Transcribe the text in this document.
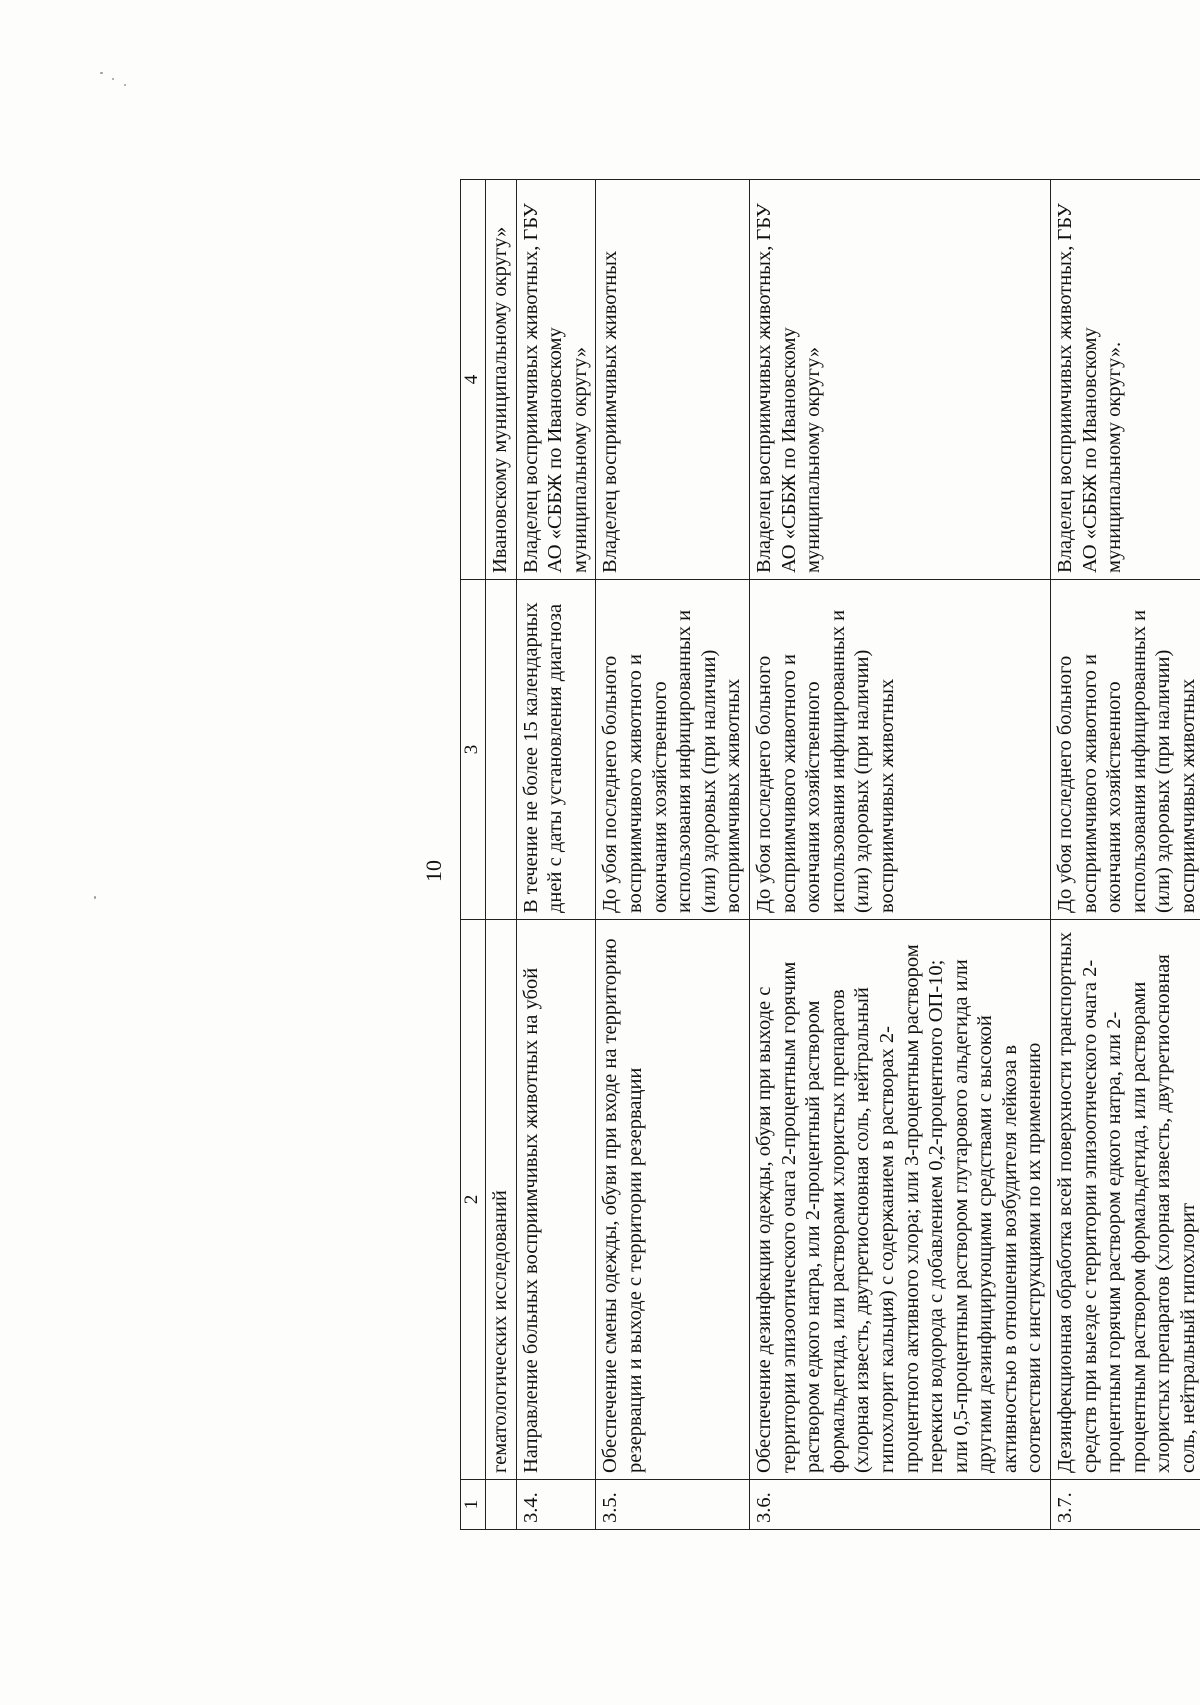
10
1	2	3	4
	гематологических исследований		Ивановскому муниципальному округу»
3.4.	Направление больных восприимчивых животных на убой	В течение не более 15 календарных дней с даты установления диагноза	Владелец восприимчивых животных, ГБУ АО «СББЖ по Ивановскому муниципальному округу»
3.5.	Обеспечение смены одежды, обуви при входе на территорию резервации и выходе с территории резервации	До убоя последнего больного восприимчивого животного и окончания хозяйственного использования инфицированных и (или) здоровых (при наличии) восприимчивых животных	Владелец восприимчивых животных
3.6.	Обеспечение дезинфекции одежды, обуви при выходе с территории эпизоотического очага 2-процентным горячим раствором едкого натра, или 2-процентный раствором формальдегида, или растворами хлористых препаратов (хлорная известь, двутретиосновная соль, нейтральный гипохлорит кальция) с содержанием в растворах 2-процентного активного хлора; или 3-процентным раствором перекиси водорода с добавлением 0,2-процентного ОП-10; или 0,5-процентным раствором глутарового альдегида или другими дезинфицирующими средствами с высокой активностью в отношении возбудителя лейкоза в соответствии с инструкциями по их применению	До убоя последнего больного восприимчивого животного и окончания хозяйственного использования инфицированных и (или) здоровых (при наличии) восприимчивых животных	Владелец восприимчивых животных, ГБУ АО «СББЖ по Ивановскому муниципальному округу»
3.7.	Дезинфекционная обработка всей поверхности транспортных средств при выезде с территории эпизоотического очага 2-процентным горячим раствором едкого натра, или 2-процентным раствором формальдегида, или растворами хлористых препаратов (хлорная известь, двутретиосновная соль, нейтральный гипохлорит	До убоя последнего больного восприимчивого животного и окончания хозяйственного использования инфицированных и (или) здоровых (при наличии) восприимчивых животных	Владелец восприимчивых животных, ГБУ АО «СББЖ по Ивановскому муниципальному округу».
